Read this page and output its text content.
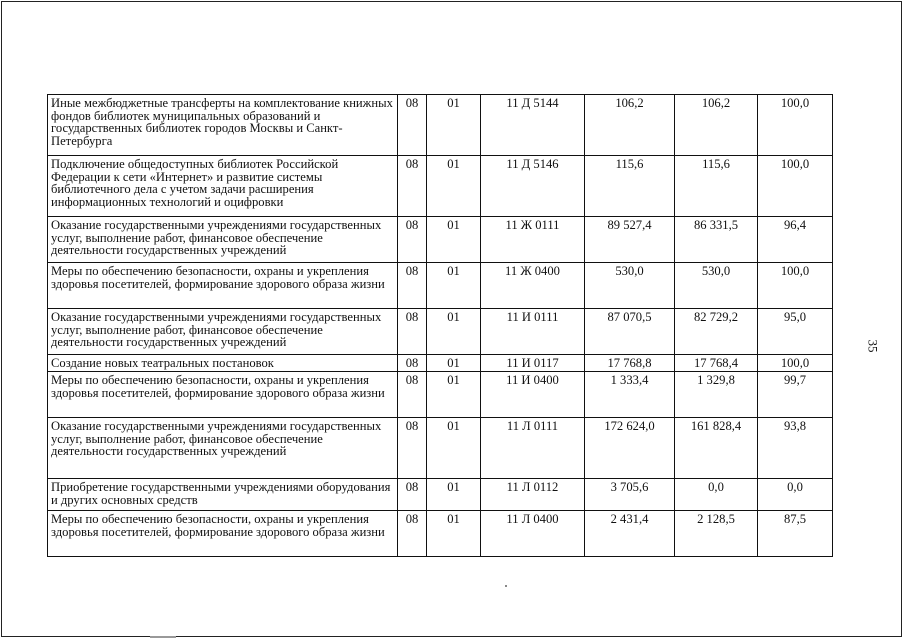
Иные межбюджетные трансферты на комплектование книжных фондов библиотек муниципальных образований и государственных библиотек городов Москвы и Санкт-Петербурга	08	01	11 Д 5144	106,2	106,2	100,0
Подключение общедоступных библиотек Российской Федерации к сети «Интернет» и развитие системы библиотечного дела с учетом задачи расширения информационных технологий и оцифровки	08	01	11 Д 5146	115,6	115,6	100,0
Оказание государственными учреждениями государственных услуг, выполнение работ, финансовое обеспечение деятельности государственных учреждений	08	01	11 Ж 0111	89 527,4	86 331,5	96,4
Меры по обеспечению безопасности, охраны и укрепления здоровья посетителей, формирование здорового образа жизни	08	01	11 Ж 0400	530,0	530,0	100,0
Оказание государственными учреждениями государственных услуг, выполнение работ, финансовое обеспечение деятельности государственных учреждений	08	01	11 И 0111	87 070,5	82 729,2	95,0
Создание новых театральных постановок	08	01	11 И 0117	17 768,8	17 768,4	100,0
Меры по обеспечению безопасности, охраны и укрепления здоровья посетителей, формирование здорового образа жизни	08	01	11 И 0400	1 333,4	1 329,8	99,7
Оказание государственными учреждениями государственных услуг, выполнение работ, финансовое обеспечение деятельности государственных учреждений	08	01	11 Л 0111	172 624,0	161 828,4	93,8
Приобретение государственными учреждениями оборудования и других основных средств	08	01	11 Л 0112	3 705,6	0,0	0,0
Меры по обеспечению безопасности, охраны и укрепления здоровья посетителей, формирование здорового образа жизни	08	01	11 Л 0400	2 431,4	2 128,5	87,5
35
